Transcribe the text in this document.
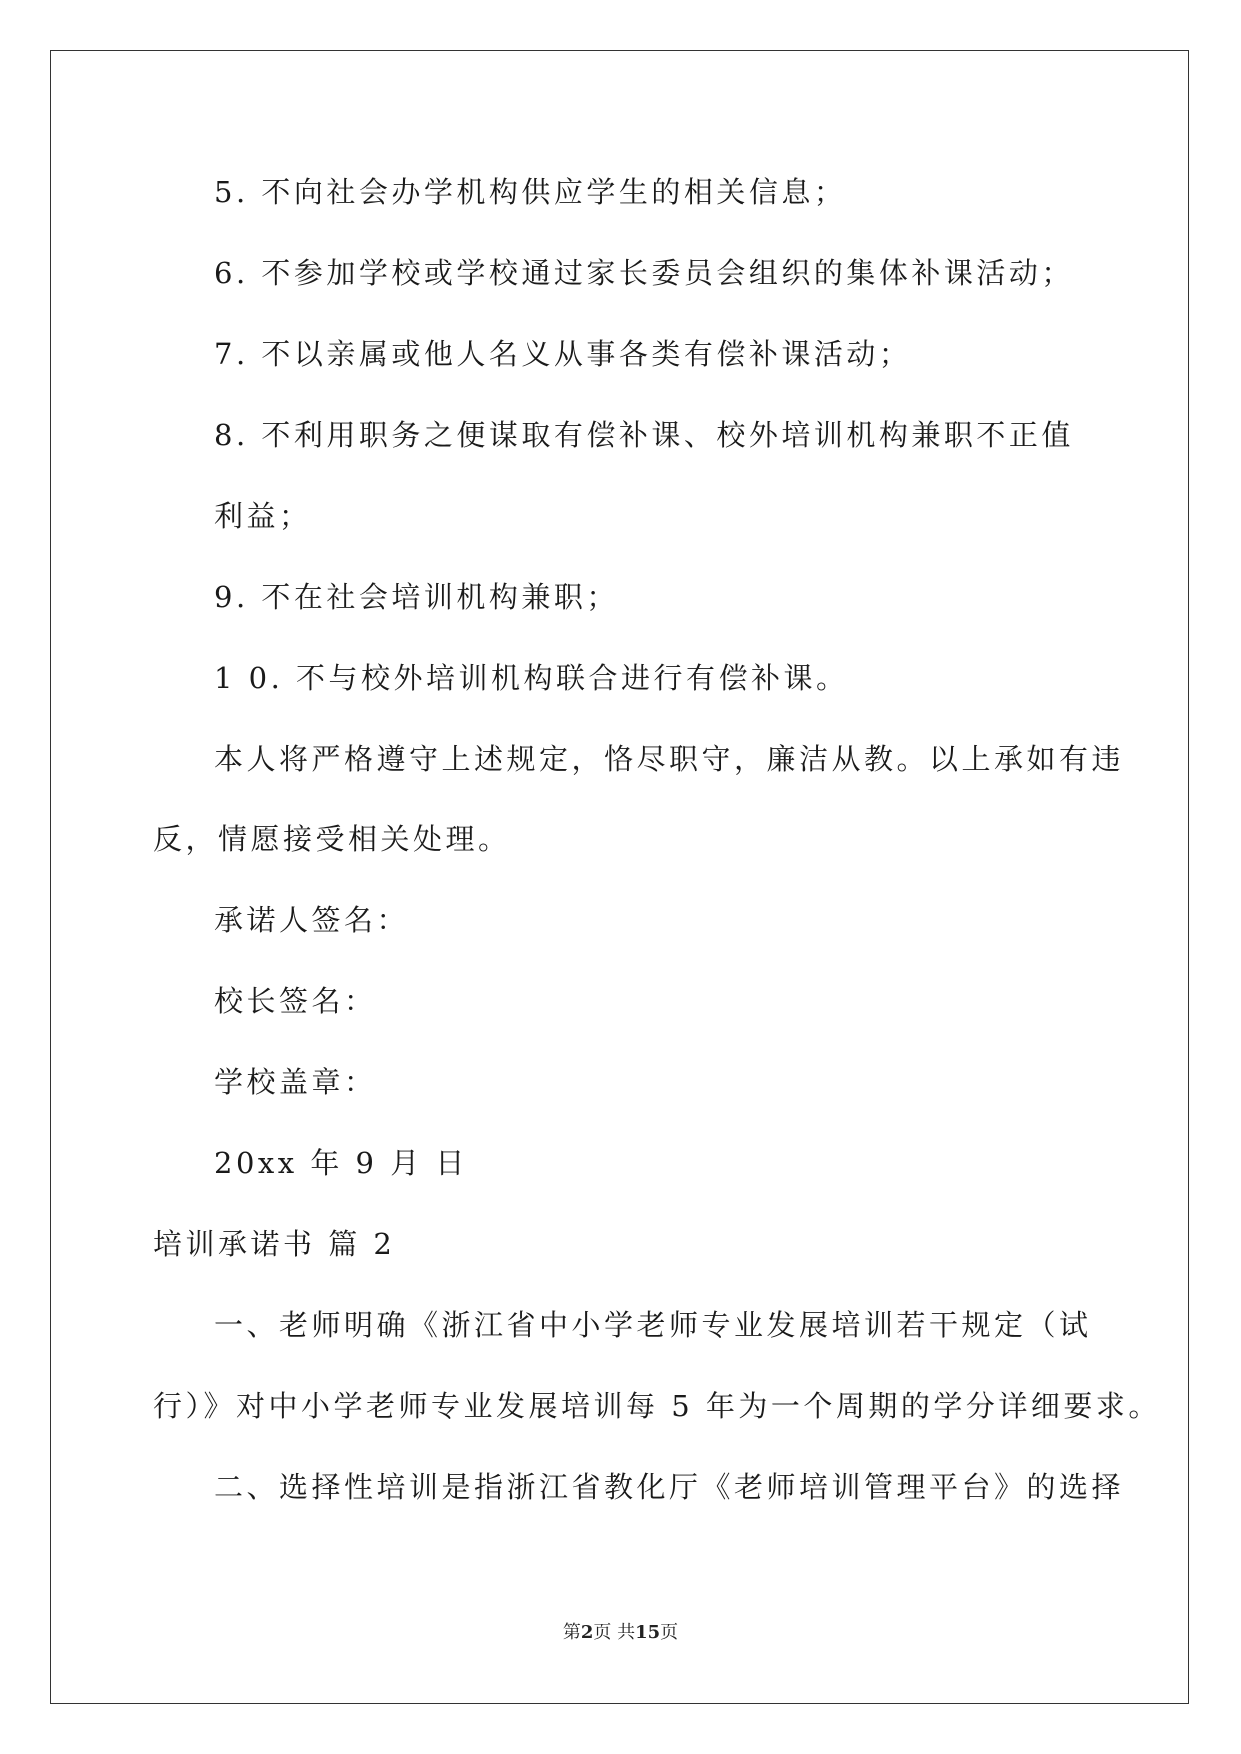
5. 不向社会办学机构供应学生的相关信息；
6. 不参加学校或学校通过家长委员会组织的集体补课活动；
7. 不以亲属或他人名义从事各类有偿补课活动；
8. 不利用职务之便谋取有偿补课、校外培训机构兼职不正值
利益；
9. 不在社会培训机构兼职；
1 0. 不与校外培训机构联合进行有偿补课。
本人将严格遵守上述规定，恪尽职守，廉洁从教。以上承如有违
反，情愿接受相关处理。
承诺人签名：
校长签名：
学校盖章：
20xx 年 9 月 日
培训承诺书 篇 2
一、老师明确《浙江省中小学老师专业发展培训若干规定（试
行）》对中小学老师专业发展培训每 5 年为一个周期的学分详细要求。
二、选择性培训是指浙江省教化厅《老师培训管理平台》的选择
第2页 共15页
